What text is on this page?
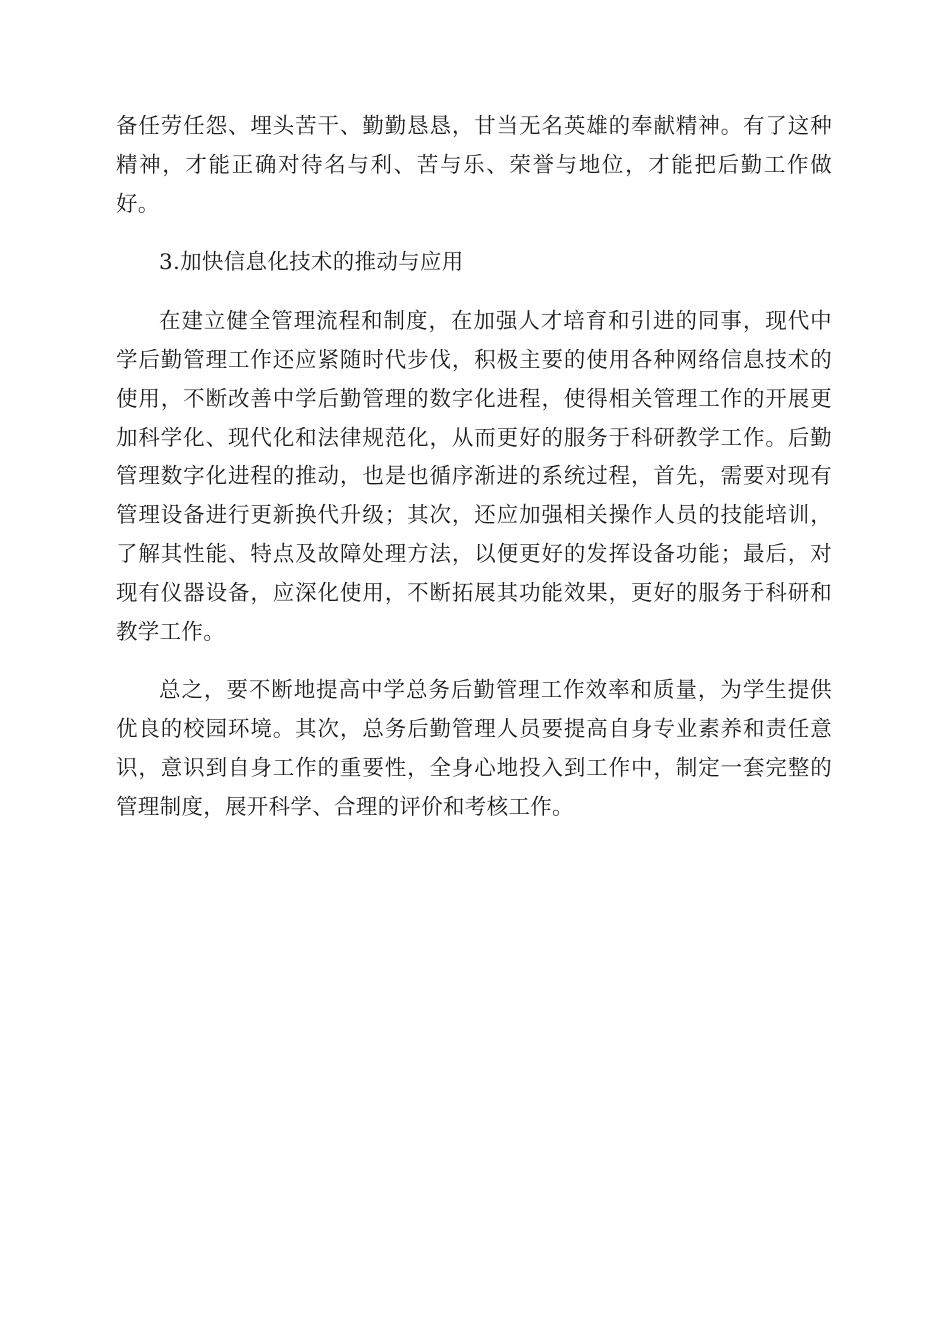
备任劳任怨、埋头苦干、勤勤恳恳，甘当无名英雄的奉献精神。有了这种精神，才能正确对待名与利、苦与乐、荣誉与地位，才能把后勤工作做好。

3.加快信息化技术的推动与应用

在建立健全管理流程和制度，在加强人才培育和引进的同事，现代中学后勤管理工作还应紧随时代步伐，积极主要的使用各种网络信息技术的使用，不断改善中学后勤管理的数字化进程，使得相关管理工作的开展更加科学化、现代化和法律规范化，从而更好的服务于科研教学工作。后勤管理数字化进程的推动，也是也循序渐进的系统过程，首先，需要对现有管理设备进行更新换代升级；其次，还应加强相关操作人员的技能培训，了解其性能、特点及故障处理方法，以便更好的发挥设备功能；最后，对现有仪器设备，应深化使用，不断拓展其功能效果，更好的服务于科研和教学工作。

总之，要不断地提高中学总务后勤管理工作效率和质量，为学生提供优良的校园环境。其次，总务后勤管理人员要提高自身专业素养和责任意识，意识到自身工作的重要性，全身心地投入到工作中，制定一套完整的管理制度，展开科学、合理的评价和考核工作。
